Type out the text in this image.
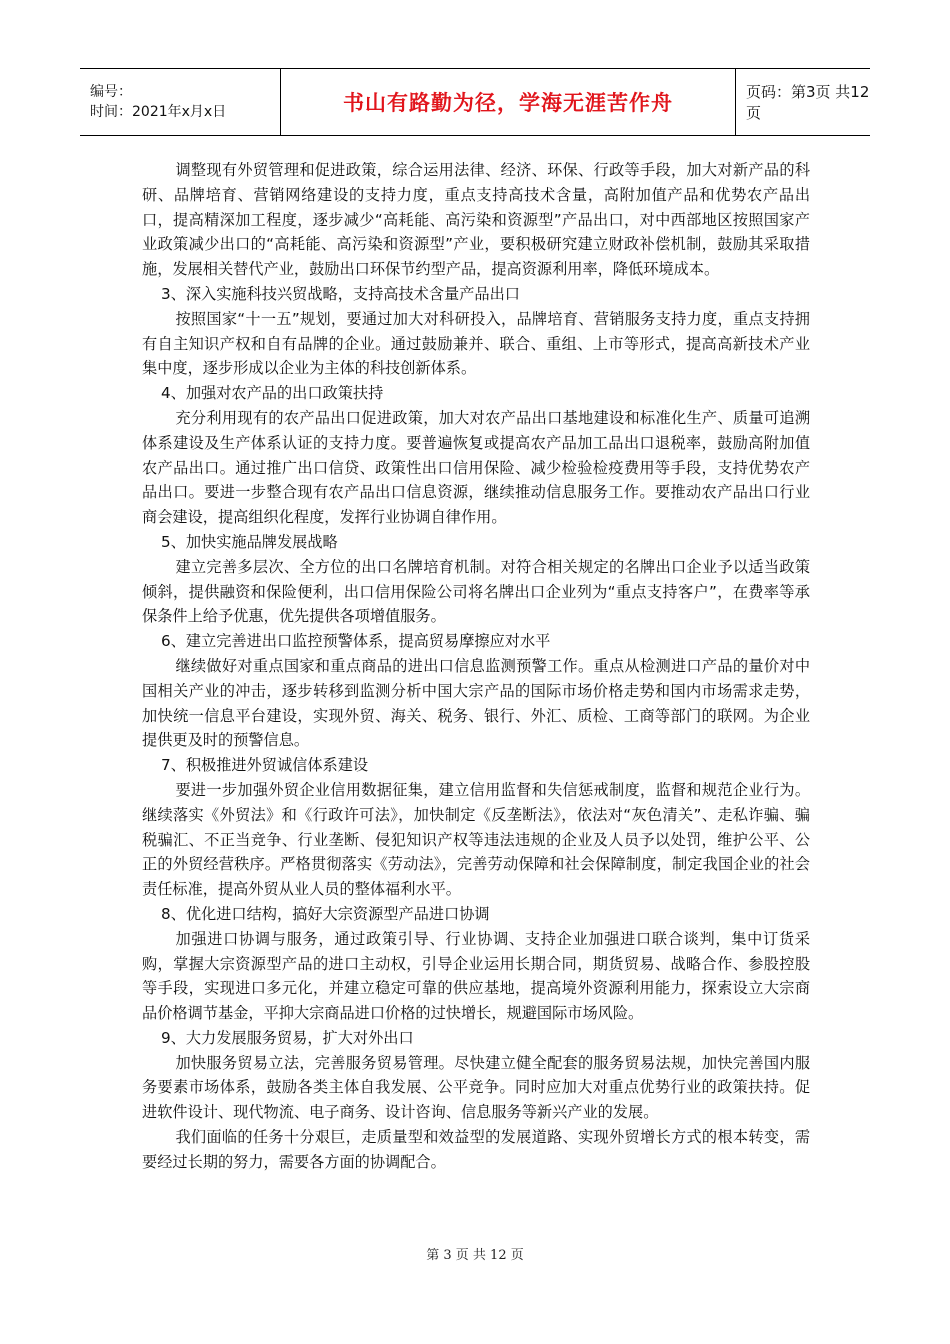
编号：
时间：2021年x月x日	书山有路勤为径，学海无涯苦作舟	页码：第3页 共12页

调整现有外贸管理和促进政策，综合运用法律、经济、环保、行政等手段，加大对新产品的科研、品牌培育、营销网络建设的支持力度，重点支持高技术含量，高附加值产品和优势农产品出口，提高精深加工程度，逐步减少“高耗能、高污染和资源型”产品出口，对中西部地区按照国家产业政策减少出口的“高耗能、高污染和资源型”产业，要积极研究建立财政补偿机制，鼓励其采取措施，发展相关替代产业，鼓励出口环保节约型产品，提高资源利用率，降低环境成本。

3、深入实施科技兴贸战略，支持高技术含量产品出口

按照国家“十一五”规划，要通过加大对科研投入，品牌培育、营销服务支持力度，重点支持拥有自主知识产权和自有品牌的企业。通过鼓励兼并、联合、重组、上市等形式，提高高新技术产业集中度，逐步形成以企业为主体的科技创新体系。

4、加强对农产品的出口政策扶持

充分利用现有的农产品出口促进政策，加大对农产品出口基地建设和标准化生产、质量可追溯体系建设及生产体系认证的支持力度。要普遍恢复或提高农产品加工品出口退税率，鼓励高附加值农产品出口。通过推广出口信贷、政策性出口信用保险、减少检验检疫费用等手段，支持优势农产品出口。要进一步整合现有农产品出口信息资源，继续推动信息服务工作。要推动农产品出口行业商会建设，提高组织化程度，发挥行业协调自律作用。

5、加快实施品牌发展战略

建立完善多层次、全方位的出口名牌培育机制。对符合相关规定的名牌出口企业予以适当政策倾斜，提供融资和保险便利，出口信用保险公司将名牌出口企业列为“重点支持客户”，在费率等承保条件上给予优惠，优先提供各项增值服务。

6、建立完善进出口监控预警体系，提高贸易摩擦应对水平

继续做好对重点国家和重点商品的进出口信息监测预警工作。重点从检测进口产品的量价对中国相关产业的冲击，逐步转移到监测分析中国大宗产品的国际市场价格走势和国内市场需求走势，加快统一信息平台建设，实现外贸、海关、税务、银行、外汇、质检、工商等部门的联网。为企业提供更及时的预警信息。

7、积极推进外贸诚信体系建设

要进一步加强外贸企业信用数据征集，建立信用监督和失信惩戒制度，监督和规范企业行为。继续落实《外贸法》和《行政许可法》，加快制定《反垄断法》，依法对“灰色清关”、走私诈骗、骗税骗汇、不正当竞争、行业垄断、侵犯知识产权等违法违规的企业及人员予以处罚，维护公平、公正的外贸经营秩序。严格贯彻落实《劳动法》，完善劳动保障和社会保障制度，制定我国企业的社会责任标准，提高外贸从业人员的整体福利水平。

8、优化进口结构，搞好大宗资源型产品进口协调

加强进口协调与服务，通过政策引导、行业协调、支持企业加强进口联合谈判，集中订货采购，掌握大宗资源型产品的进口主动权，引导企业运用长期合同，期货贸易、战略合作、参股控股等手段，实现进口多元化，并建立稳定可靠的供应基地，提高境外资源利用能力，探索设立大宗商品价格调节基金，平抑大宗商品进口价格的过快增长，规避国际市场风险。

9、大力发展服务贸易，扩大对外出口

加快服务贸易立法，完善服务贸易管理。尽快建立健全配套的服务贸易法规，加快完善国内服务要素市场体系，鼓励各类主体自我发展、公平竞争。同时应加大对重点优势行业的政策扶持。促进软件设计、现代物流、电子商务、设计咨询、信息服务等新兴产业的发展。

我们面临的任务十分艰巨，走质量型和效益型的发展道路、实现外贸增长方式的根本转变，需要经过长期的努力，需要各方面的协调配合。

第 3 页 共 12 页
